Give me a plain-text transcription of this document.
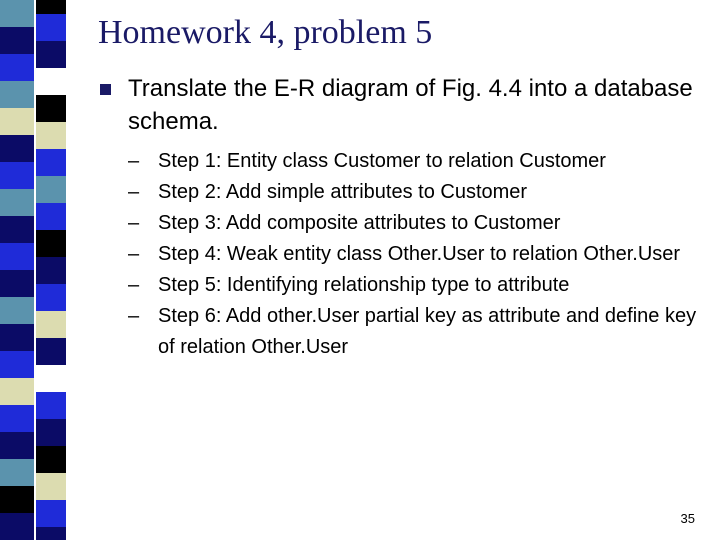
Homework 4, problem 5
Translate the E-R diagram of Fig. 4.4 into a database schema.
– Step 1: Entity class Customer to relation Customer
– Step 2: Add simple attributes to Customer
– Step 3: Add composite attributes to Customer
– Step 4: Weak entity class Other.User to relation Other.User
– Step 5: Identifying relationship type to attribute
– Step 6: Add other.User partial key as attribute and define key of relation Other.User
35
